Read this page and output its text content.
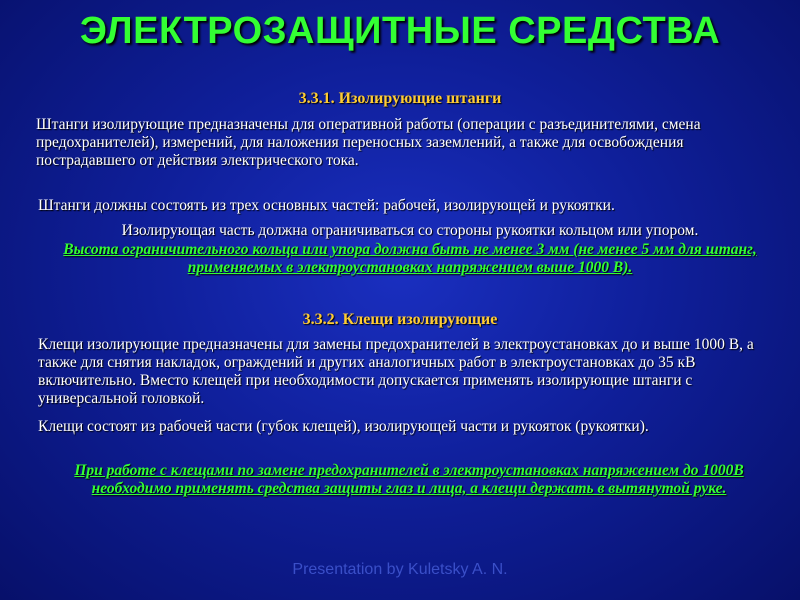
ЭЛЕКТРОЗАЩИТНЫЕ СРЕДСТВА
3.3.1. Изолирующие штанги

Штанги изолирующие предназначены для оперативной работы (операции с разъединителями, смена предохранителей), измерений, для наложения переносных заземлений, а также для освобождения пострадавшего от действия электрического тока.

Штанги должны состоять из трех основных частей: рабочей, изолирующей и рукоятки.

Изолирующая часть должна ограничиваться со стороны рукоятки кольцом или упором.

Высота ограничительного кольца или упора должна быть не менее 3 мм (не менее 5 мм для штанг, применяемых в электроустановках напряжением выше 1000 В).

3.3.2. Клещи изолирующие

Клещи изолирующие предназначены для замены предохранителей в электроустановках до и выше 1000 В, а также для снятия накладок, ограждений и других аналогичных работ в электроустановках до 35 кВ включительно. Вместо клещей при необходимости допускается применять изолирующие штанги с универсальной головкой.

Клещи состоят из рабочей части (губок клещей), изолирующей части и рукояток (рукоятки).

При работе с клещами по замене предохранителей в электроустановках напряжением до 1000В необходимо применять средства защиты глаз и лица, а клещи держать в вытянутой руке.

Presentation by Kuletsky A. N.
